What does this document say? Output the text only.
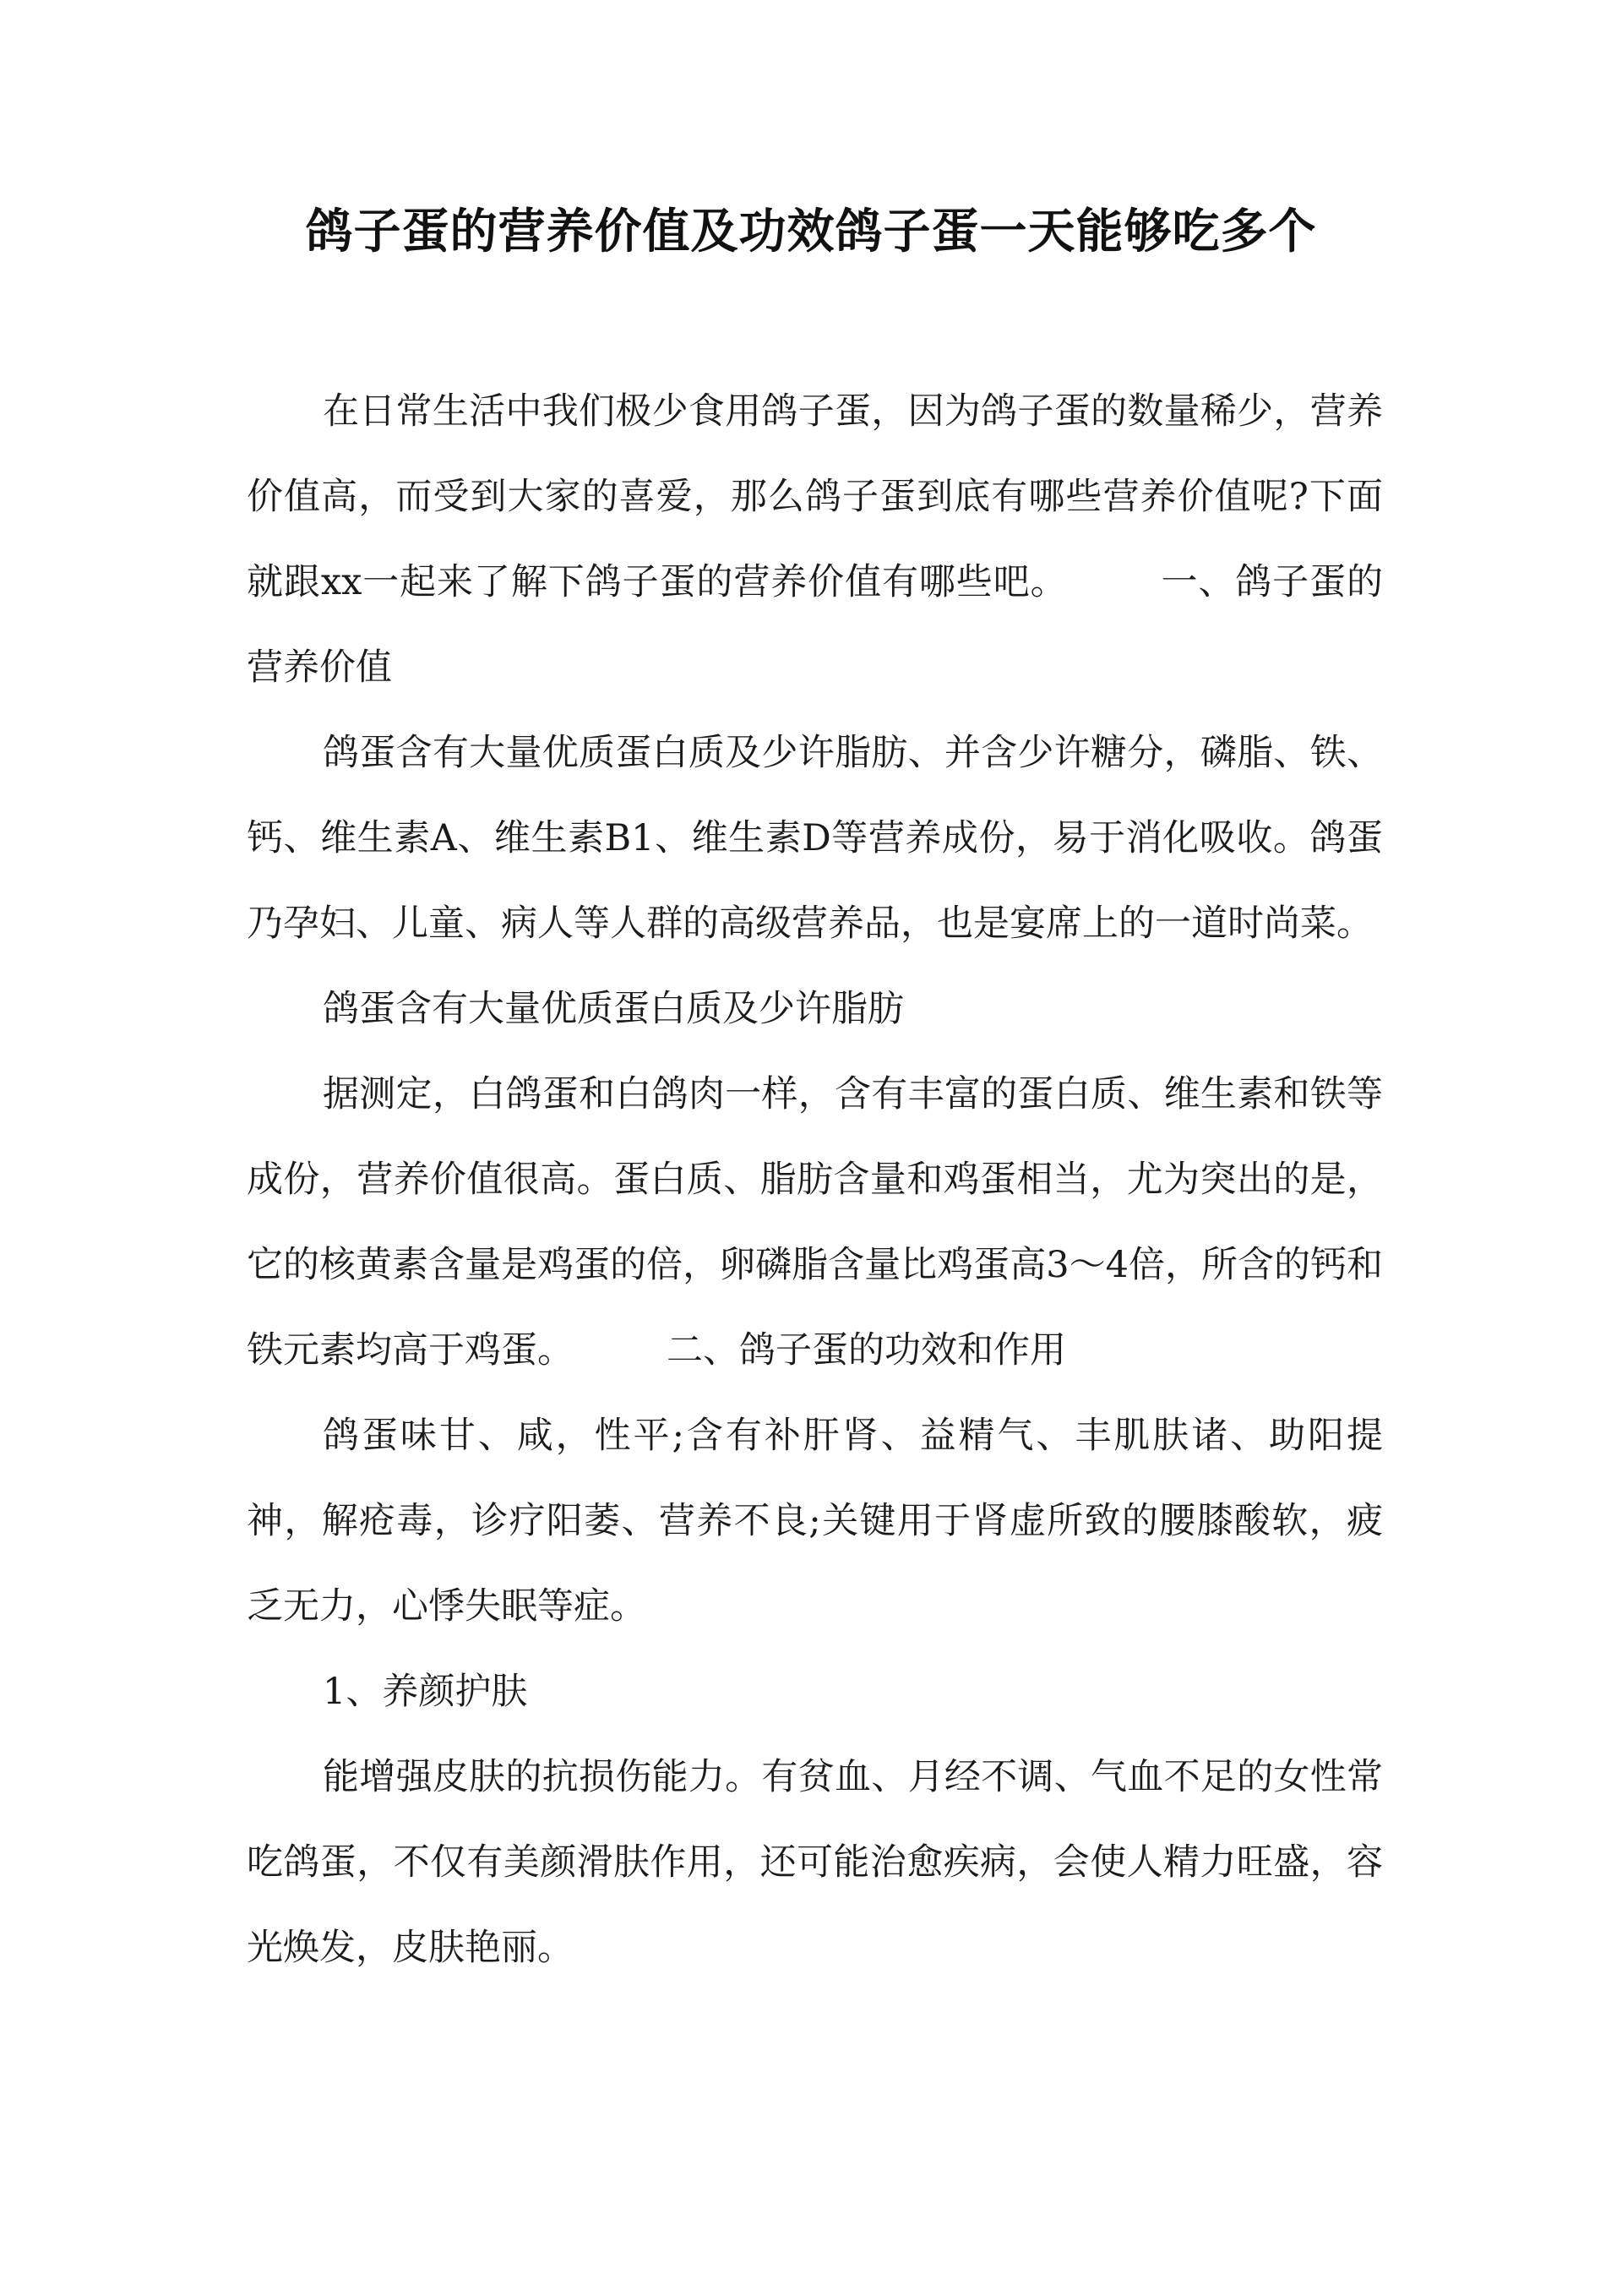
鸽子蛋的营养价值及功效鸽子蛋一天能够吃多个

在日常生活中我们极少食用鸽子蛋，因为鸽子蛋的数量稀少，营养价值高，而受到大家的喜爱，那么鸽子蛋到底有哪些营养价值呢?下面就跟xx一起来了解下鸽子蛋的营养价值有哪些吧。	一、鸽子蛋的营养价值

鸽蛋含有大量优质蛋白质及少许脂肪、并含少许糖分，磷脂、铁、钙、维生素A、维生素B1、维生素D等营养成份，易于消化吸收。鸽蛋乃孕妇、儿童、病人等人群的高级营养品，也是宴席上的一道时尚菜。

鸽蛋含有大量优质蛋白质及少许脂肪

据测定，白鸽蛋和白鸽肉一样，含有丰富的蛋白质、维生素和铁等成份，营养价值很高。蛋白质、脂肪含量和鸡蛋相当，尤为突出的是，它的核黄素含量是鸡蛋的倍，卵磷脂含量比鸡蛋高3～4倍，所含的钙和铁元素均高于鸡蛋。	二、鸽子蛋的功效和作用

鸽蛋味甘、咸，性平;含有补肝肾、益精气、丰肌肤诸、助阳提神，解疮毒，诊疗阳萎、营养不良;关键用于肾虚所致的腰膝酸软，疲乏无力，心悸失眠等症。

1、养颜护肤

能增强皮肤的抗损伤能力。有贫血、月经不调、气血不足的女性常吃鸽蛋，不仅有美颜滑肤作用，还可能治愈疾病，会使人精力旺盛，容光焕发，皮肤艳丽。
